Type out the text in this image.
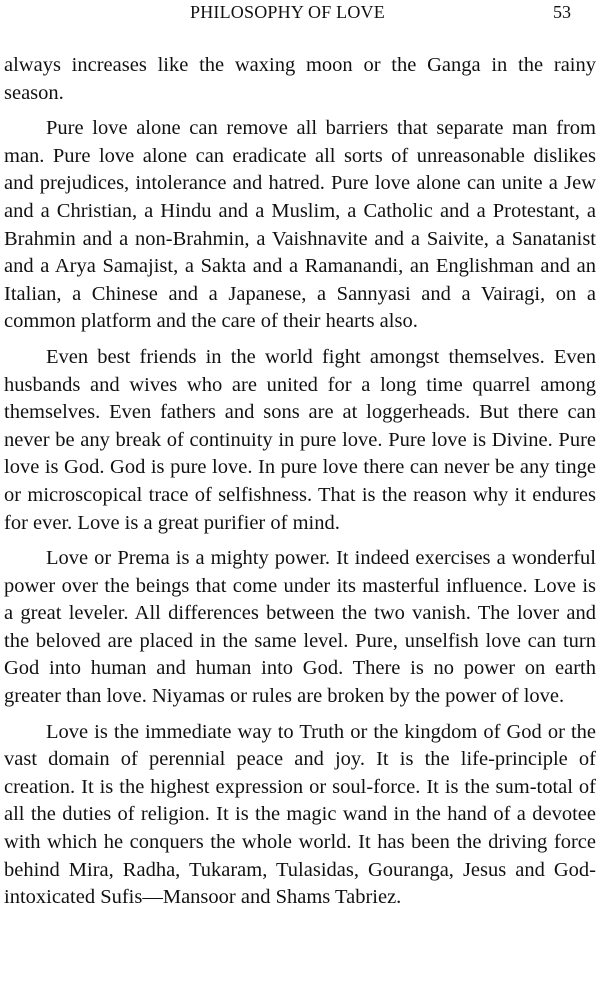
PHILOSOPHY OF LOVE	53

always increases like the waxing moon or the Ganga in the rainy season.

Pure love alone can remove all barriers that separate man from man. Pure love alone can eradicate all sorts of unreasonable dislikes and prejudices, intolerance and hatred. Pure love alone can unite a Jew and a Christian, a Hindu and a Muslim, a Catholic and a Protestant, a Brahmin and a non-Brahmin, a Vaishnavite and a Saivite, a Sanatanist and a Arya Samajist, a Sakta and a Ramanandi, an Englishman and an Italian, a Chinese and a Japanese, a Sannyasi and a Vairagi, on a common platform and the care of their hearts also.

Even best friends in the world fight amongst themselves. Even husbands and wives who are united for a long time quarrel among themselves. Even fathers and sons are at loggerheads. But there can never be any break of continuity in pure love. Pure love is Divine. Pure love is God. God is pure love. In pure love there can never be any tinge or microscopical trace of selfishness. That is the reason why it endures for ever. Love is a great purifier of mind.

Love or Prema is a mighty power. It indeed exercises a wonderful power over the beings that come under its masterful influence. Love is a great leveler. All differences between the two vanish. The lover and the beloved are placed in the same level. Pure, unselfish love can turn God into human and human into God. There is no power on earth greater than love. Niyamas or rules are broken by the power of love.

Love is the immediate way to Truth or the kingdom of God or the vast domain of perennial peace and joy. It is the life-principle of creation. It is the highest expression or soul-force. It is the sum-total of all the duties of religion. It is the magic wand in the hand of a devotee with which he conquers the whole world. It has been the driving force behind Mira, Radha, Tukaram, Tulasidas, Gouranga, Jesus and God-intoxicated Sufis—Mansoor and Shams Tabriez.
